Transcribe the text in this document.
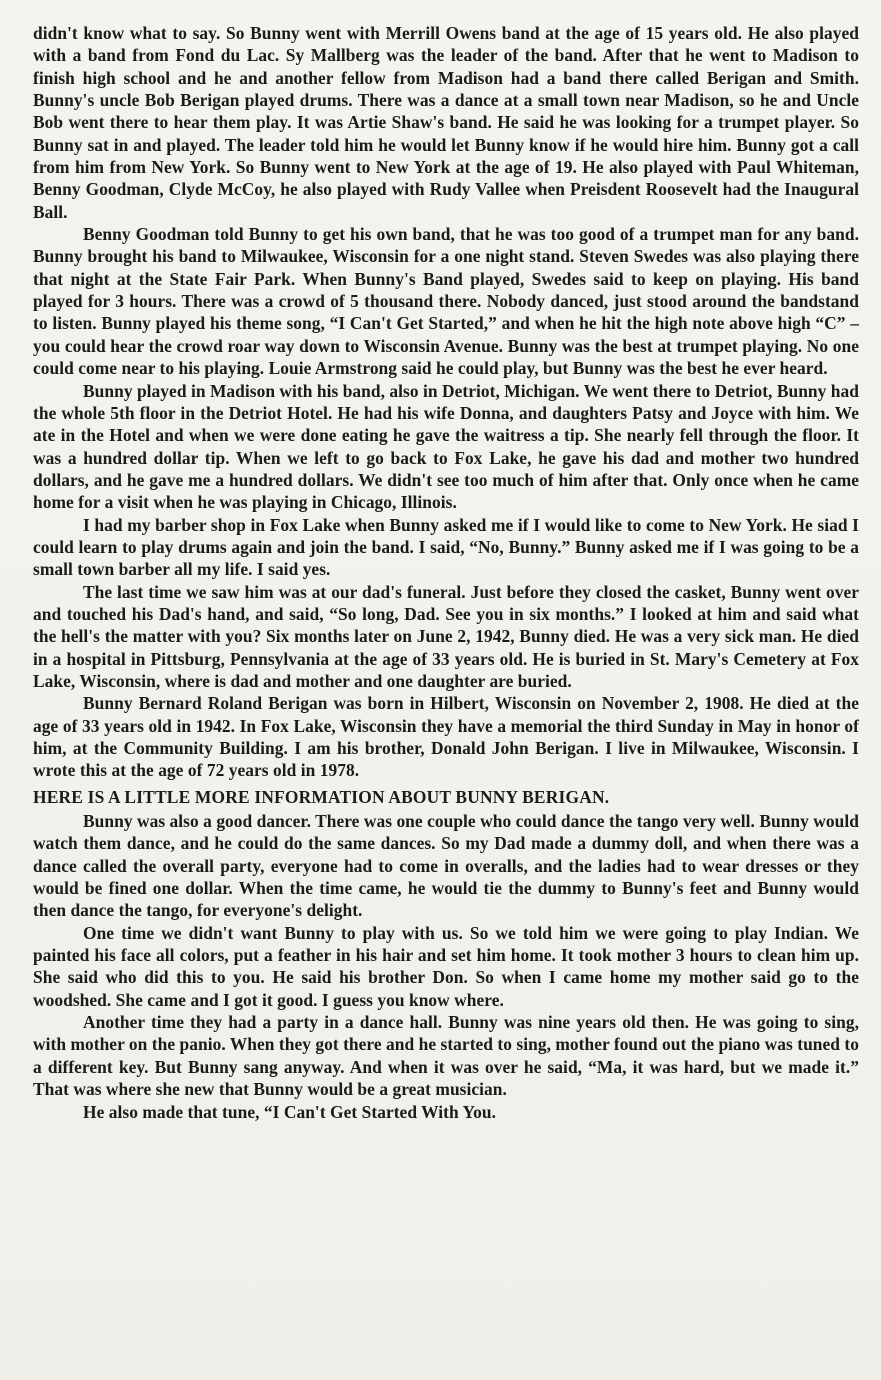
didn't know what to say. So Bunny went with Merrill Owens band at the age of 15 years old. He also played with a band from Fond du Lac. Sy Mallberg was the leader of the band. After that he went to Madison to finish high school and he and another fellow from Madison had a band there called Berigan and Smith. Bunny's uncle Bob Berigan played drums. There was a dance at a small town near Madison, so he and Uncle Bob went there to hear them play. It was Artie Shaw's band. He said he was looking for a trumpet player. So Bunny sat in and played. The leader told him he would let Bunny know if he would hire him. Bunny got a call from him from New York. So Bunny went to New York at the age of 19. He also played with Paul Whiteman, Benny Goodman, Clyde McCoy, he also played with Rudy Vallee when Preisdent Roosevelt had the Inaugural Ball.

Benny Goodman told Bunny to get his own band, that he was too good of a trumpet man for any band. Bunny brought his band to Milwaukee, Wisconsin for a one night stand. Steven Swedes was also playing there that night at the State Fair Park. When Bunny's Band played, Swedes said to keep on playing. His band played for 3 hours. There was a crowd of 5 thousand there. Nobody danced, just stood around the bandstand to listen. Bunny played his theme song, “I Can't Get Started,” and when he hit the high note above high “C” – you could hear the crowd roar way down to Wisconsin Avenue. Bunny was the best at trumpet playing. No one could come near to his playing. Louie Armstrong said he could play, but Bunny was the best he ever heard.

Bunny played in Madison with his band, also in Detriot, Michigan. We went there to Detriot, Bunny had the whole 5th floor in the Detriot Hotel. He had his wife Donna, and daughters Patsy and Joyce with him. We ate in the Hotel and when we were done eating he gave the waitress a tip. She nearly fell through the floor. It was a hundred dollar tip. When we left to go back to Fox Lake, he gave his dad and mother two hundred dollars, and he gave me a hundred dollars. We didn't see too much of him after that. Only once when he came home for a visit when he was playing in Chicago, Illinois.

I had my barber shop in Fox Lake when Bunny asked me if I would like to come to New York. He siad I could learn to play drums again and join the band. I said, “No, Bunny.” Bunny asked me if I was going to be a small town barber all my life. I said yes.

The last time we saw him was at our dad's funeral. Just before they closed the casket, Bunny went over and touched his Dad's hand, and said, “So long, Dad. See you in six months.” I looked at him and said what the hell's the matter with you? Six months later on June 2, 1942, Bunny died. He was a very sick man. He died in a hospital in Pittsburg, Pennsylvania at the age of 33 years old. He is buried in St. Mary's Cemetery at Fox Lake, Wisconsin, where is dad and mother and one daughter are buried.

Bunny Bernard Roland Berigan was born in Hilbert, Wisconsin on November 2, 1908. He died at the age of 33 years old in 1942. In Fox Lake, Wisconsin they have a memorial the third Sunday in May in honor of him, at the Community Building. I am his brother, Donald John Berigan. I live in Milwaukee, Wisconsin. I wrote this at the age of 72 years old in 1978.

HERE IS A LITTLE MORE INFORMATION ABOUT BUNNY BERIGAN.

Bunny was also a good dancer. There was one couple who could dance the tango very well. Bunny would watch them dance, and he could do the same dances. So my Dad made a dummy doll, and when there was a dance called the overall party, everyone had to come in overalls, and the ladies had to wear dresses or they would be fined one dollar. When the time came, he would tie the dummy to Bunny's feet and Bunny would then dance the tango, for everyone's delight.

One time we didn't want Bunny to play with us. So we told him we were going to play Indian. We painted his face all colors, put a feather in his hair and set him home. It took mother 3 hours to clean him up. She said who did this to you. He said his brother Don. So when I came home my mother said go to the woodshed. She came and I got it good. I guess you know where.

Another time they had a party in a dance hall. Bunny was nine years old then. He was going to sing, with mother on the panio. When they got there and he started to sing, mother found out the piano was tuned to a different key. But Bunny sang anyway. And when it was over he said, “Ma, it was hard, but we made it.” That was where she new that Bunny would be a great musician.

He also made that tune, “I Can't Get Started With You.
